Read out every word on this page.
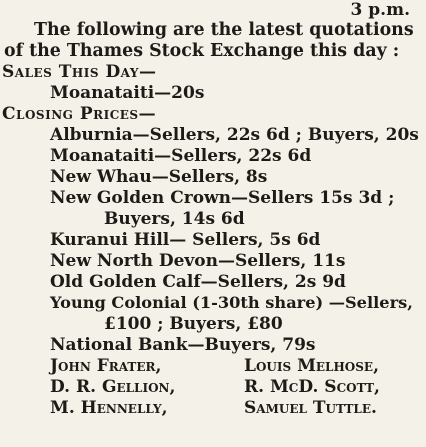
3 p.m.
The following are the latest quotations
of the Thames Stock Exchange this day :
Sales This Day—
Moanataiti—20s
Closing Prices—
Alburnia—Sellers, 22s 6d ; Buyers, 20s
Moanataiti—Sellers, 22s 6d
New Whau—Sellers, 8s
New Golden Crown—Sellers 15s 3d ;
Buyers, 14s 6d
Kuranui Hill— Sellers, 5s 6d
New North Devon—Sellers, 11s
Old Golden Calf—Sellers, 2s 9d
Young Colonial (1-30th share) —Sellers,
£100 ; Buyers, £80
National Bank—Buyers, 79s
John Frater,
D. R. Gellion,
M. Hennelly,
Louis Melhose,
R. McD. Scott,
Samuel Tuttle.
